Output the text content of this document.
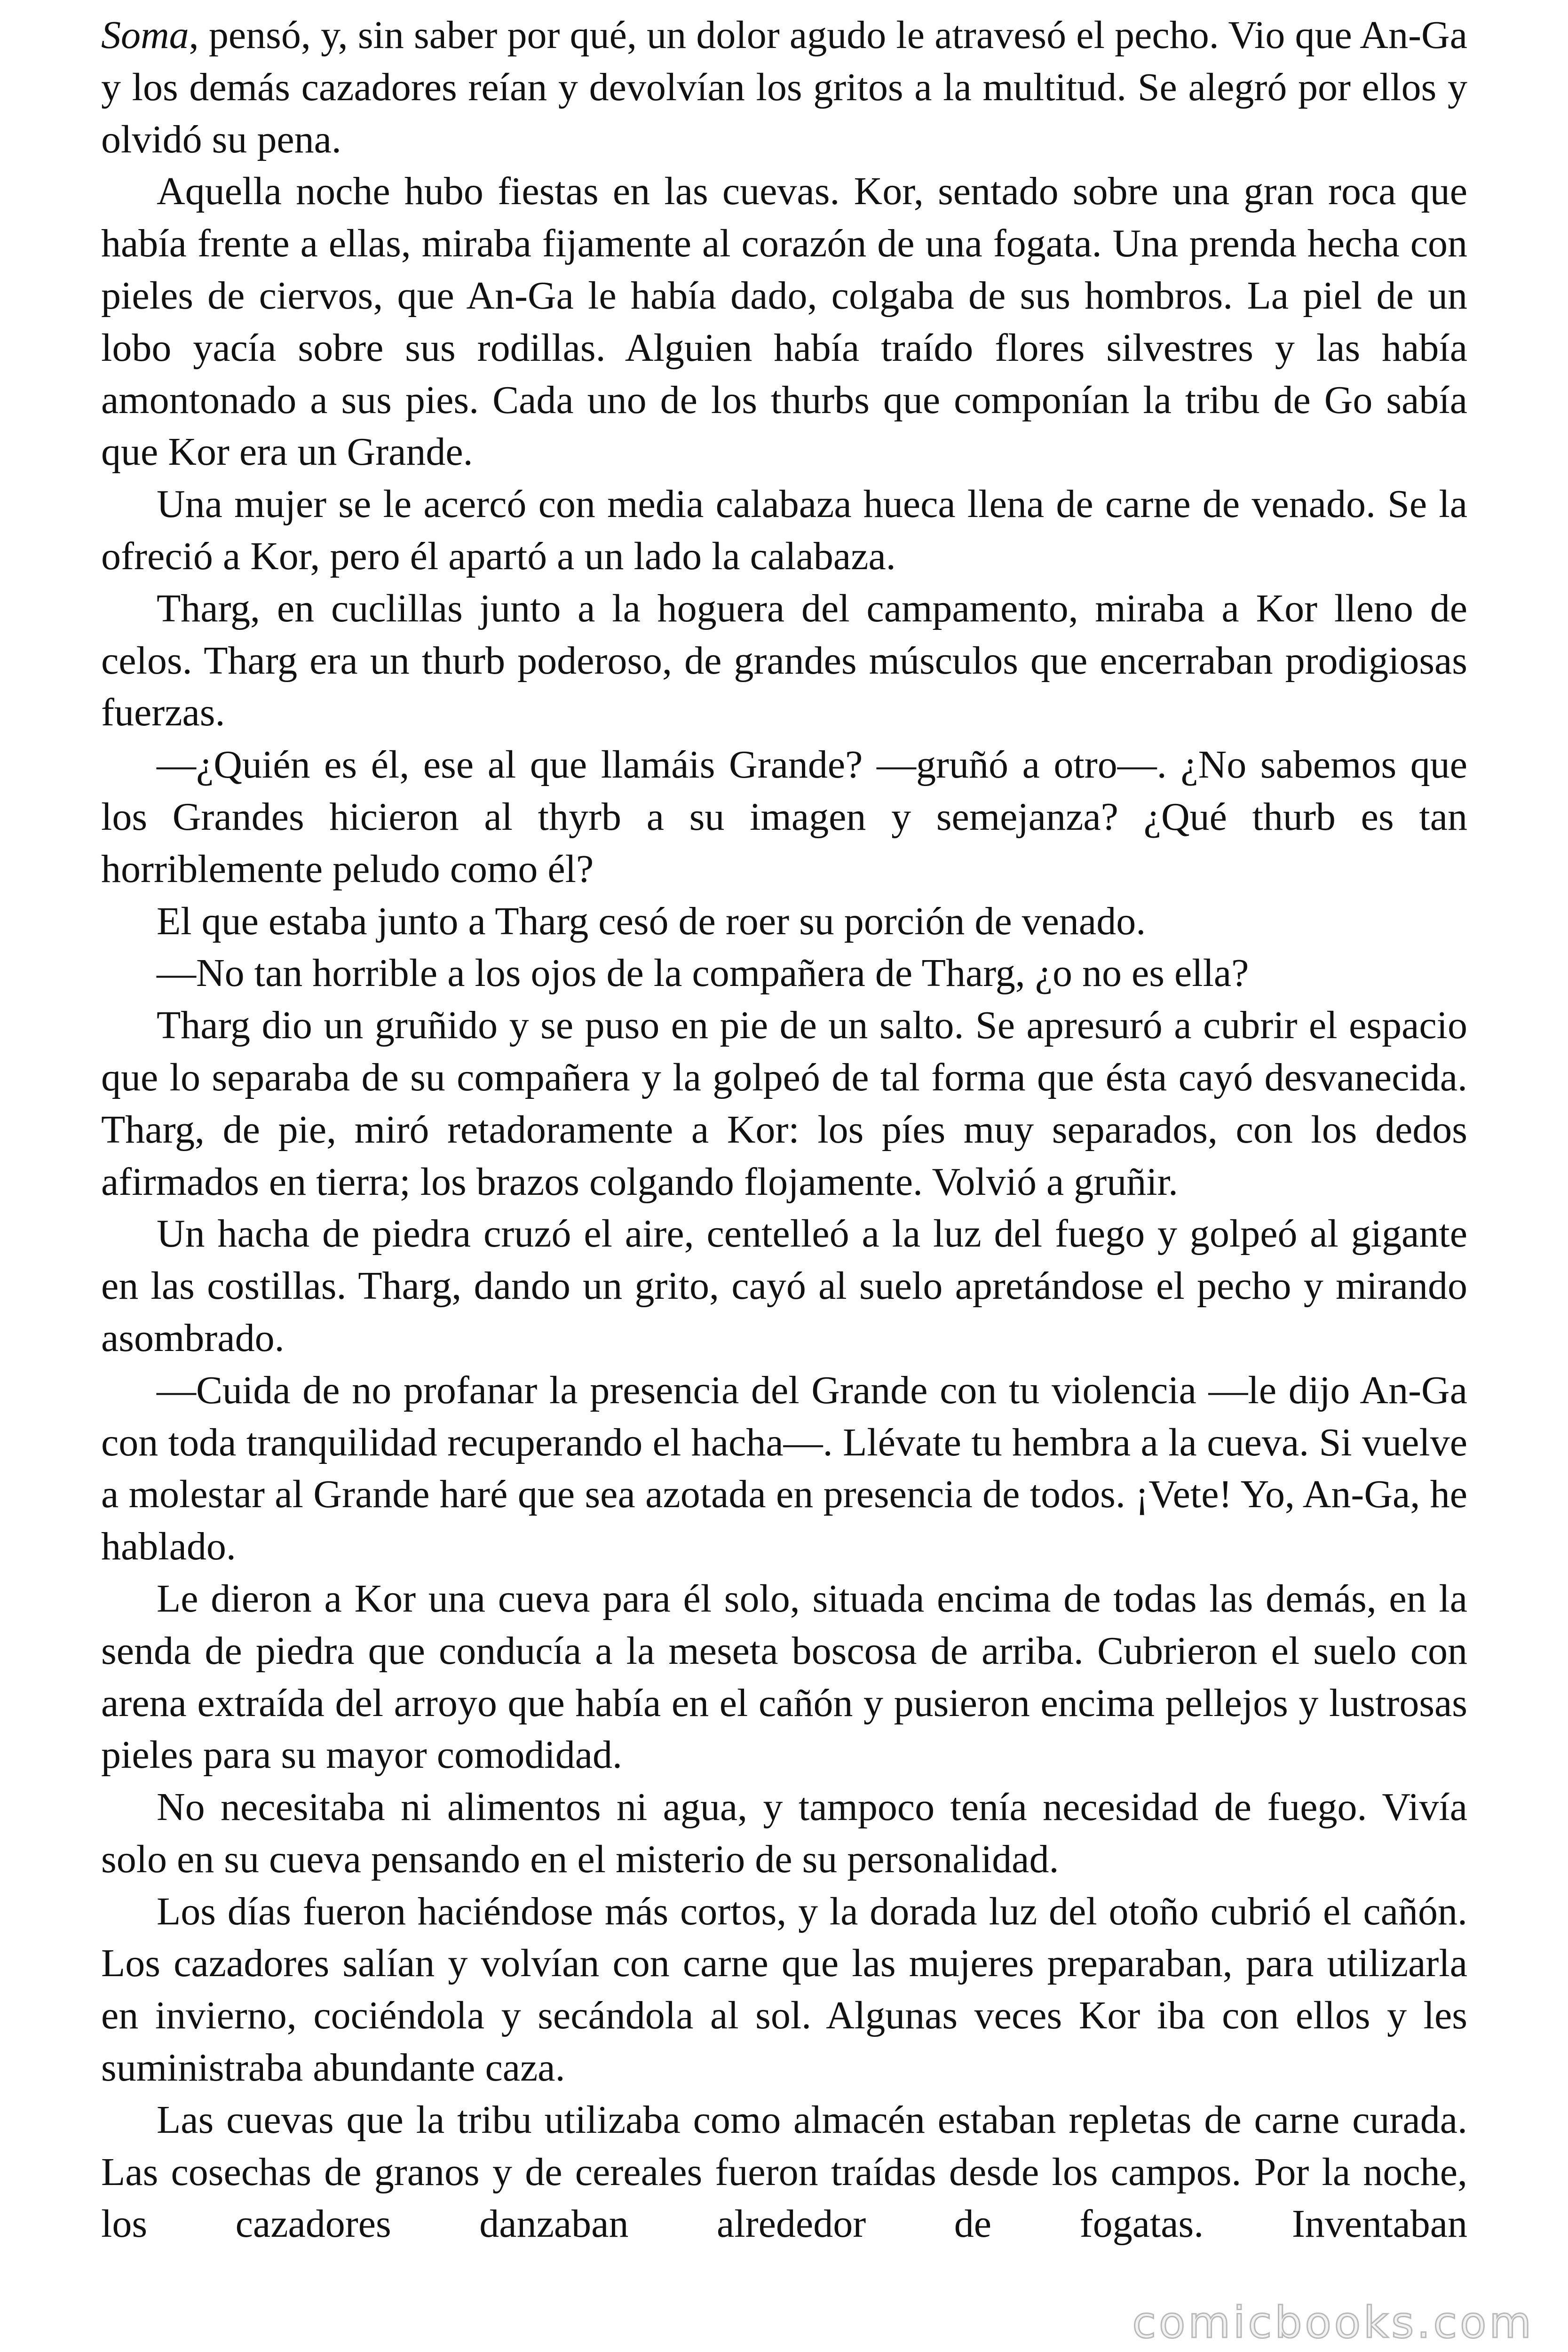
Soma, pensó, y, sin saber por qué, un dolor agudo le atravesó el pecho. Vio que An-Ga y los demás cazadores reían y devolvían los gritos a la multitud. Se alegró por ellos y olvidó su pena.

Aquella noche hubo fiestas en las cuevas. Kor, sentado sobre una gran roca que había frente a ellas, miraba fijamente al corazón de una fogata. Una prenda hecha con pieles de ciervos, que An-Ga le había dado, colgaba de sus hombros. La piel de un lobo yacía sobre sus rodillas. Alguien había traído flores silvestres y las había amontonado a sus pies. Cada uno de los thurbs que componían la tribu de Go sabía que Kor era un Grande.

Una mujer se le acercó con media calabaza hueca llena de carne de venado. Se la ofreció a Kor, pero él apartó a un lado la calabaza.

Tharg, en cuclillas junto a la hoguera del campamento, miraba a Kor lleno de celos. Tharg era un thurb poderoso, de grandes músculos que encerraban prodigiosas fuerzas.

—¿Quién es él, ese al que llamáis Grande? —gruñó a otro—. ¿No sabemos que los Grandes hicieron al thyrb a su imagen y semejanza? ¿Qué thurb es tan horriblemente peludo como él?

El que estaba junto a Tharg cesó de roer su porción de venado.

—No tan horrible a los ojos de la compañera de Tharg, ¿o no es ella?

Tharg dio un gruñido y se puso en pie de un salto. Se apresuró a cubrir el espacio que lo separaba de su compañera y la golpeó de tal forma que ésta cayó desvanecida. Tharg, de pie, miró retadoramente a Kor: los píes muy separados, con los dedos afirmados en tierra; los brazos colgando flojamente. Volvió a gruñir.

Un hacha de piedra cruzó el aire, centelleó a la luz del fuego y golpeó al gigante en las costillas. Tharg, dando un grito, cayó al suelo apretándose el pecho y mirando asombrado.

—Cuida de no profanar la presencia del Grande con tu violencia —le dijo An-Ga con toda tranquilidad recuperando el hacha—. Llévate tu hembra a la cueva. Si vuelve a molestar al Grande haré que sea azotada en presencia de todos. ¡Vete! Yo, An-Ga, he hablado.

Le dieron a Kor una cueva para él solo, situada encima de todas las demás, en la senda de piedra que conducía a la meseta boscosa de arriba. Cubrieron el suelo con arena extraída del arroyo que había en el cañón y pusieron encima pellejos y lustrosas pieles para su mayor comodidad.

No necesitaba ni alimentos ni agua, y tampoco tenía necesidad de fuego. Vivía solo en su cueva pensando en el misterio de su personalidad.

Los días fueron haciéndose más cortos, y la dorada luz del otoño cubrió el cañón. Los cazadores salían y volvían con carne que las mujeres preparaban, para utilizarla en invierno, cociéndola y secándola al sol. Algunas veces Kor iba con ellos y les suministraba abundante caza.

Las cuevas que la tribu utilizaba como almacén estaban repletas de carne curada. Las cosechas de granos y de cereales fueron traídas desde los campos. Por la noche, los cazadores danzaban alrededor de fogatas. Inventaban

comicbooks.com
